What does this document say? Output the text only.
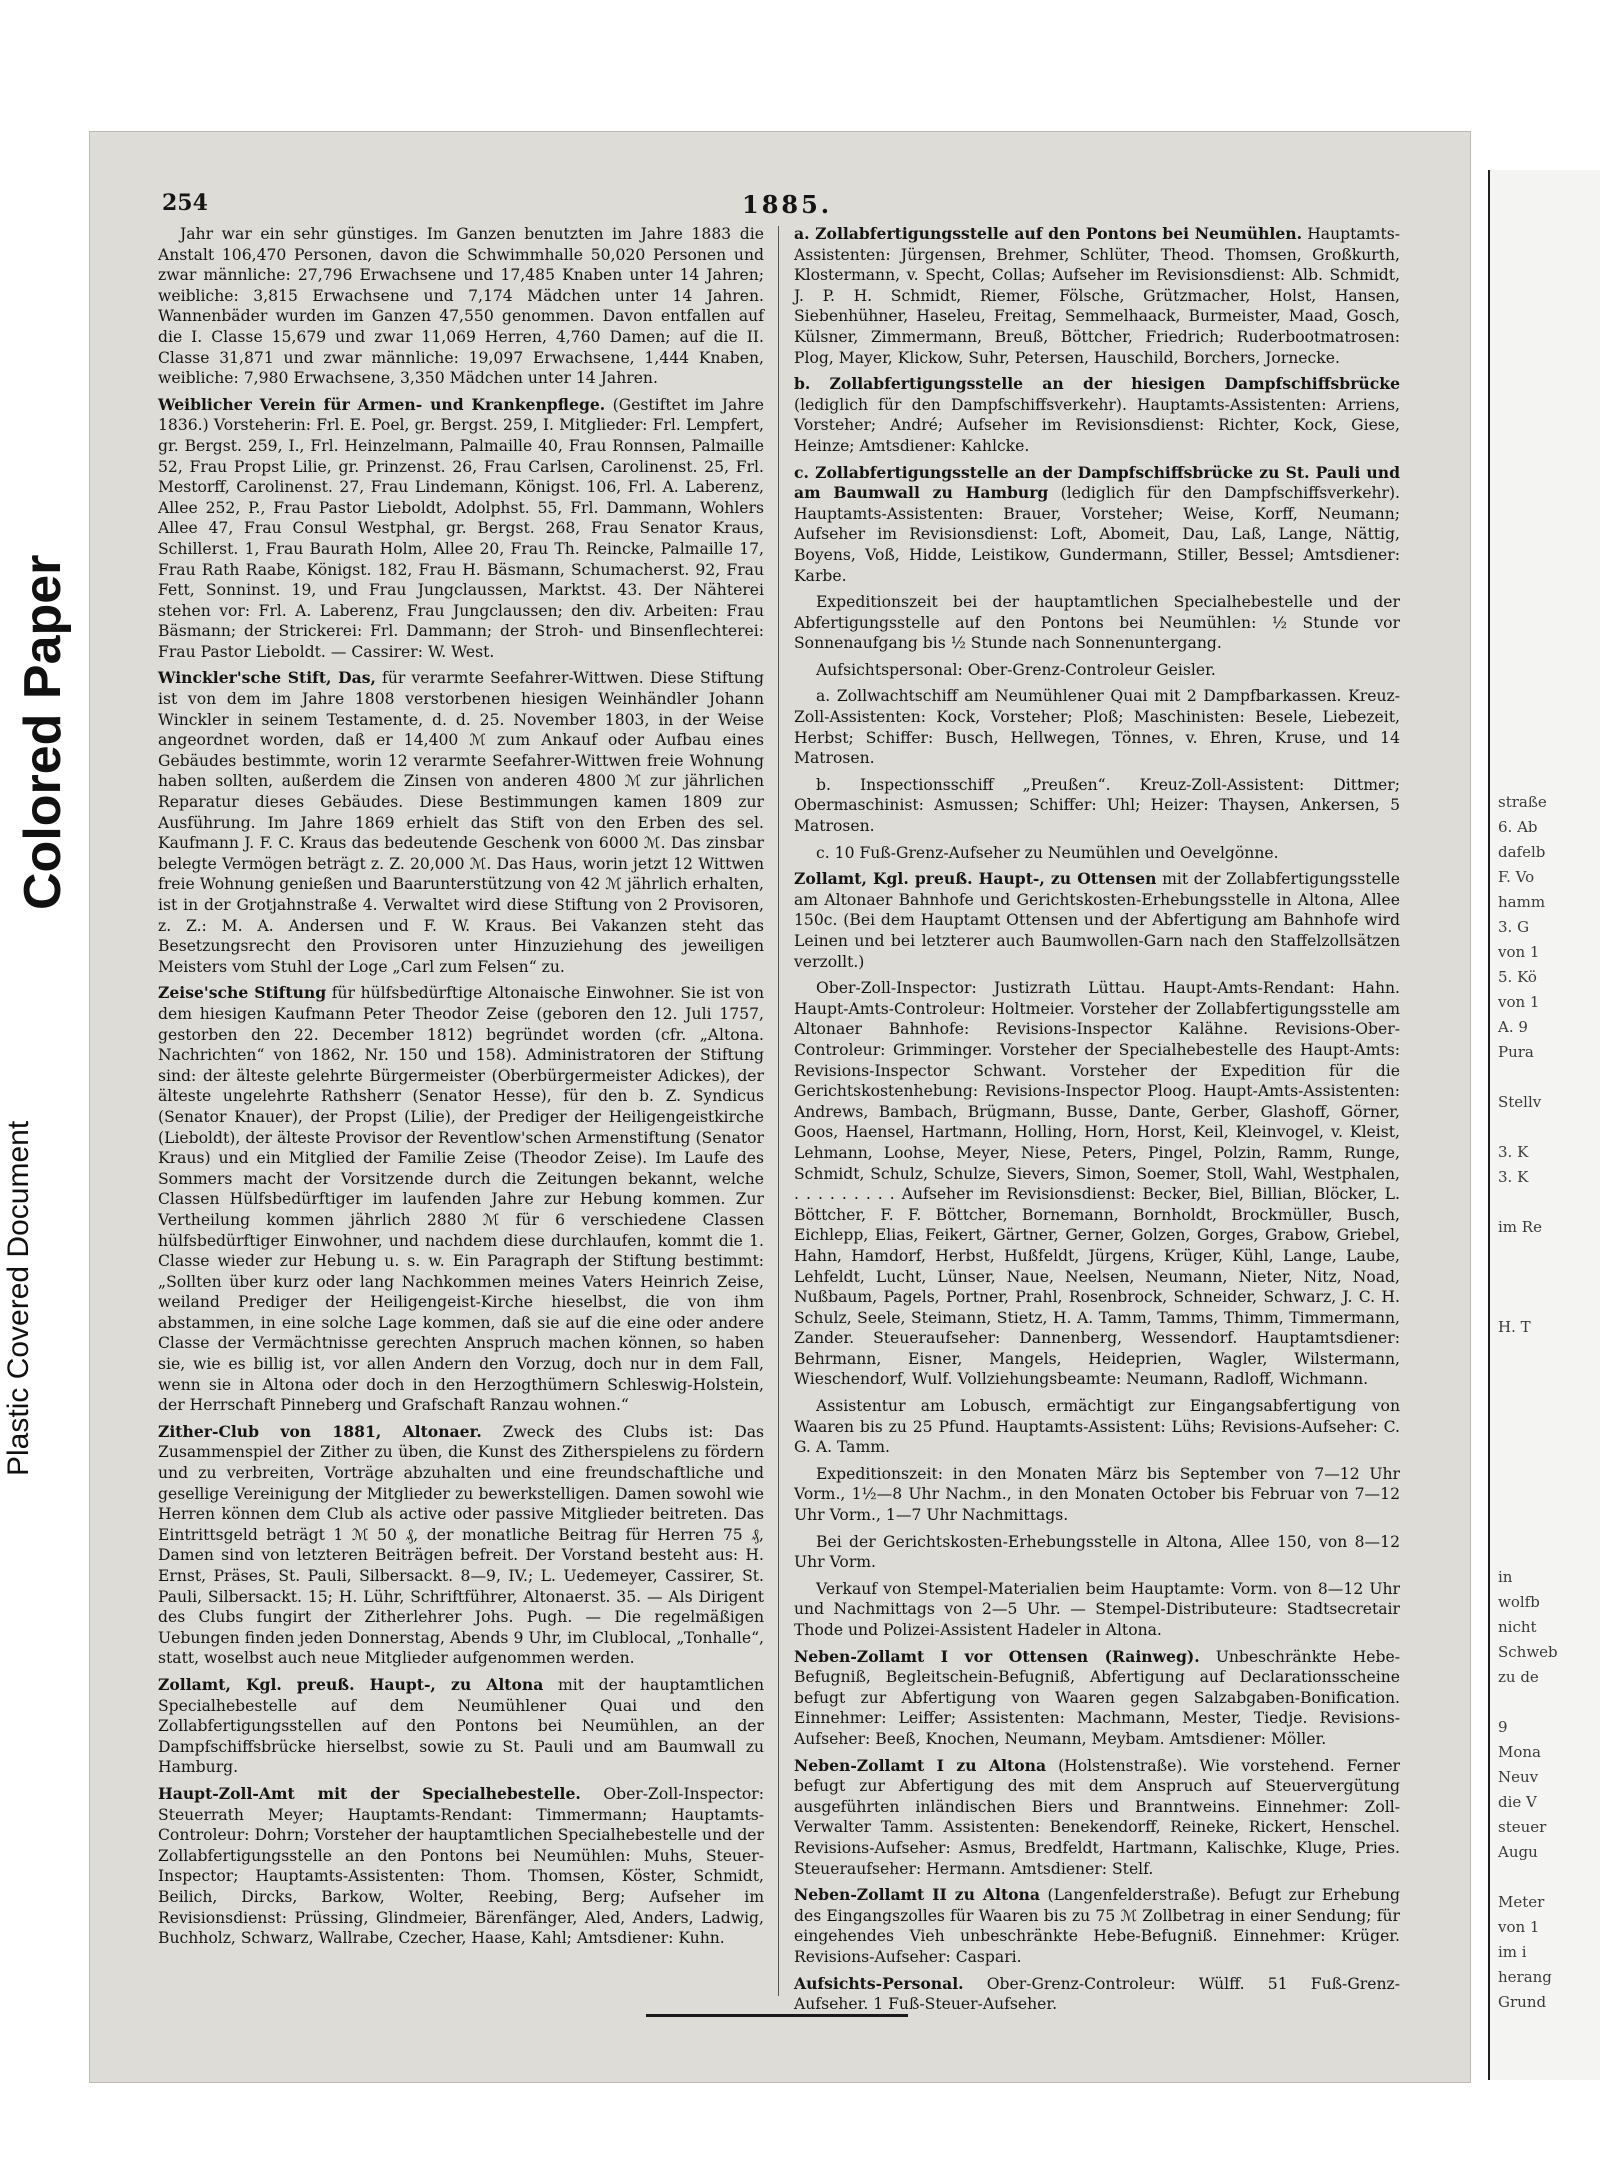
Plastic Covered Document
Colored Paper
254	1885.

Jahr war ein sehr günstiges. Im Ganzen benutzten im Jahre 1883 die Anstalt 106,470 Personen, davon die Schwimmhalle 50,020 Personen und zwar männliche: 27,796 Erwachsene und 17,485 Knaben unter 14 Jahren; weibliche: 3,815 Erwachsene und 7,174 Mädchen unter 14 Jahren. Wannenbäder wurden im Ganzen 47,550 genommen. Davon entfallen auf die I. Classe 15,679 und zwar 11,069 Herren, 4,760 Damen; auf die II. Classe 31,871 und zwar männliche: 19,097 Erwachsene, 1,444 Knaben, weibliche: 7,980 Erwachsene, 3,350 Mädchen unter 14 Jahren.

Weiblicher Verein für Armen- und Krankenpflege. (Gestiftet im Jahre 1836.) Vorsteherin: Frl. E. Poel, gr. Bergst. 259, I. Mitglieder: Frl. Lempfert, gr. Bergst. 259, I., Frl. Heinzelmann, Palmaille 40, Frau Ronnsen, Palmaille 52, Frau Propst Lilie, gr. Prinzenst. 26, Frau Carlsen, Carolinenst. 25, Frl. Mestorff, Carolinenst. 27, Frau Lindemann, Königst. 106, Frl. A. Laberenz, Allee 252, P., Frau Pastor Lieboldt, Adolphst. 55, Frl. Dammann, Wohlers Allee 47, Frau Consul Westphal, gr. Bergst. 268, Frau Senator Kraus, Schillerst. 1, Frau Baurath Holm, Allee 20, Frau Th. Reincke, Palmaille 17, Frau Rath Raabe, Königst. 182, Frau H. Bäsmann, Schumacherst. 92, Frau Fett, Sonninst. 19, und Frau Jungclaussen, Marktst. 43. Der Nähterei stehen vor: Frl. A. Laberenz, Frau Jungclaussen; den div. Arbeiten: Frau Bäsmann; der Strickerei: Frl. Dammann; der Stroh- und Binsenflechterei: Frau Pastor Lieboldt. — Cassirer: W. West.

Winckler'sche Stift, Das, für verarmte Seefahrer-Wittwen. Diese Stiftung ist von dem im Jahre 1808 verstorbenen hiesigen Weinhändler Johann Winckler in seinem Testamente, d. d. 25. November 1803, in der Weise angeordnet worden, daß er 14,400 ℳ zum Ankauf oder Aufbau eines Gebäudes bestimmte, worin 12 verarmte Seefahrer-Wittwen freie Wohnung haben sollten, außerdem die Zinsen von anderen 4800 ℳ zur jährlichen Reparatur dieses Gebäudes. Diese Bestimmungen kamen 1809 zur Ausführung. Im Jahre 1869 erhielt das Stift von den Erben des sel. Kaufmann J. F. C. Kraus das bedeutende Geschenk von 6000 ℳ. Das zinsbar belegte Vermögen beträgt z. Z. 20,000 ℳ. Das Haus, worin jetzt 12 Wittwen freie Wohnung genießen und Baarunterstützung von 42 ℳ jährlich erhalten, ist in der Grotjahnstraße 4. Verwaltet wird diese Stiftung von 2 Provisoren, z. Z.: M. A. Andersen und F. W. Kraus. Bei Vakanzen steht das Besetzungsrecht den Provisoren unter Hinzuziehung des jeweiligen Meisters vom Stuhl der Loge „Carl zum Felsen“ zu.

Zeise'sche Stiftung für hülfsbedürftige Altonaische Einwohner. Sie ist von dem hiesigen Kaufmann Peter Theodor Zeise (geboren den 12. Juli 1757, gestorben den 22. December 1812) begründet worden (cfr. „Altona. Nachrichten“ von 1862, Nr. 150 und 158). Administratoren der Stiftung sind: der älteste gelehrte Bürgermeister (Oberbürgermeister Adickes), der älteste ungelehrte Rathsherr (Senator Hesse), für den b. Z. Syndicus (Senator Knauer), der Propst (Lilie), der Prediger der Heiligengeistkirche (Lieboldt), der älteste Provisor der Reventlow'schen Armenstiftung (Senator Kraus) und ein Mitglied der Familie Zeise (Theodor Zeise). Im Laufe des Sommers macht der Vorsitzende durch die Zeitungen bekannt, welche Classen Hülfsbedürftiger im laufenden Jahre zur Hebung kommen. Zur Vertheilung kommen jährlich 2880 ℳ für 6 verschiedene Classen hülfsbedürftiger Einwohner, und nachdem diese durchlaufen, kommt die 1. Classe wieder zur Hebung u. s. w. Ein Paragraph der Stiftung bestimmt: „Sollten über kurz oder lang Nachkommen meines Vaters Heinrich Zeise, weiland Prediger der Heiligengeist-Kirche hieselbst, die von ihm abstammen, in eine solche Lage kommen, daß sie auf die eine oder andere Classe der Vermächtnisse gerechten Anspruch machen können, so haben sie, wie es billig ist, vor allen Andern den Vorzug, doch nur in dem Fall, wenn sie in Altona oder doch in den Herzogthümern Schleswig-Holstein, der Herrschaft Pinneberg und Grafschaft Ranzau wohnen.“

Zither-Club von 1881, Altonaer. Zweck des Clubs ist: Das Zusammenspiel der Zither zu üben, die Kunst des Zitherspielens zu fördern und zu verbreiten, Vorträge abzuhalten und eine freundschaftliche und gesellige Vereinigung der Mitglieder zu bewerkstelligen. Damen sowohl wie Herren können dem Club als active oder passive Mitglieder beitreten. Das Eintrittsgeld beträgt 1 ℳ 50 ₰, der monatliche Beitrag für Herren 75 ₰, Damen sind von letzteren Beiträgen befreit. Der Vorstand besteht aus: H. Ernst, Präses, St. Pauli, Silbersackt. 8—9, IV.; L. Uedemeyer, Cassirer, St. Pauli, Silbersackt. 15; H. Lühr, Schriftführer, Altonaerst. 35. — Als Dirigent des Clubs fungirt der Zitherlehrer Johs. Pugh. — Die regelmäßigen Uebungen finden jeden Donnerstag, Abends 9 Uhr, im Clublocal, „Tonhalle“, statt, woselbst auch neue Mitglieder aufgenommen werden.

Zollamt, Kgl. preuß. Haupt-, zu Altona mit der hauptamtlichen Specialhebestelle auf dem Neumühlener Quai und den Zollabfertigungsstellen auf den Pontons bei Neumühlen, an der Dampfschiffsbrücke hierselbst, sowie zu St. Pauli und am Baumwall zu Hamburg.

Haupt-Zoll-Amt mit der Specialhebestelle. Ober-Zoll-Inspector: Steuerrath Meyer; Hauptamts-Rendant: Timmermann; Hauptamts-Controleur: Dohrn; Vorsteher der hauptamtlichen Specialhebestelle und der Zollabfertigungsstelle an den Pontons bei Neumühlen: Muhs, Steuer-Inspector; Hauptamts-Assistenten: Thom. Thomsen, Köster, Schmidt, Beilich, Dircks, Barkow, Wolter, Reebing, Berg; Aufseher im Revisionsdienst: Prüssing, Glindmeier, Bärenfänger, Aled, Anders, Ladwig, Buchholz, Schwarz, Wallrabe, Czecher, Haase, Kahl; Amtsdiener: Kuhn.

a. Zollabfertigungsstelle auf den Pontons bei Neumühlen. Hauptamts-Assistenten: Jürgensen, Brehmer, Schlüter, Theod. Thomsen, Großkurth, Klostermann, v. Specht, Collas; Aufseher im Revisionsdienst: Alb. Schmidt, J. P. H. Schmidt, Riemer, Fölsche, Grützmacher, Holst, Hansen, Siebenhühner, Haseleu, Freitag, Semmelhaack, Burmeister, Maad, Gosch, Külsner, Zimmermann, Breuß, Böttcher, Friedrich; Ruderbootmatrosen: Plog, Mayer, Klickow, Suhr, Petersen, Hauschild, Borchers, Jornecke.

b. Zollabfertigungsstelle an der hiesigen Dampfschiffsbrücke (lediglich für den Dampfschiffsverkehr). Hauptamts-Assistenten: Arriens, Vorsteher; André; Aufseher im Revisionsdienst: Richter, Kock, Giese, Heinze; Amtsdiener: Kahlcke.

c. Zollabfertigungsstelle an der Dampfschiffsbrücke zu St. Pauli und am Baumwall zu Hamburg (lediglich für den Dampfschiffsverkehr). Hauptamts-Assistenten: Brauer, Vorsteher; Weise, Korff, Neumann; Aufseher im Revisionsdienst: Loft, Abomeit, Dau, Laß, Lange, Nättig, Boyens, Voß, Hidde, Leistikow, Gundermann, Stiller, Bessel; Amtsdiener: Karbe.

Expeditionszeit bei der hauptamtlichen Specialhebestelle und der Abfertigungsstelle auf den Pontons bei Neumühlen: ½ Stunde vor Sonnenaufgang bis ½ Stunde nach Sonnenuntergang.

Aufsichtspersonal: Ober-Grenz-Controleur Geisler.

a. Zollwachtschiff am Neumühlener Quai mit 2 Dampfbarkassen. Kreuz-Zoll-Assistenten: Kock, Vorsteher; Ploß; Maschinisten: Besele, Liebezeit, Herbst; Schiffer: Busch, Hellwegen, Tönnes, v. Ehren, Kruse, und 14 Matrosen.

b. Inspectionsschiff „Preußen“. Kreuz-Zoll-Assistent: Dittmer; Obermaschinist: Asmussen; Schiffer: Uhl; Heizer: Thaysen, Ankersen, 5 Matrosen.

c. 10 Fuß-Grenz-Aufseher zu Neumühlen und Oevelgönne.

Zollamt, Kgl. preuß. Haupt-, zu Ottensen mit der Zollabfertigungsstelle am Altonaer Bahnhofe und Gerichtskosten-Erhebungsstelle in Altona, Allee 150c. (Bei dem Hauptamt Ottensen und der Abfertigung am Bahnhofe wird Leinen und bei letzterer auch Baumwollen-Garn nach den Staffelzollsätzen verzollt.)

Ober-Zoll-Inspector: Justizrath Lüttau. Haupt-Amts-Rendant: Hahn. Haupt-Amts-Controleur: Holtmeier. Vorsteher der Zollabfertigungsstelle am Altonaer Bahnhofe: Revisions-Inspector Kalähne. Revisions-Ober-Controleur: Grimminger. Vorsteher der Specialhebestelle des Haupt-Amts: Revisions-Inspector Schwant. Vorsteher der Expedition für die Gerichtskostenhebung: Revisions-Inspector Ploog. Haupt-Amts-Assistenten: Andrews, Bambach, Brügmann, Busse, Dante, Gerber, Glashoff, Görner, Goos, Haensel, Hartmann, Holling, Horn, Horst, Keil, Kleinvogel, v. Kleist, Lehmann, Loohse, Meyer, Niese, Peters, Pingel, Polzin, Ramm, Runge, Schmidt, Schulz, Schulze, Sievers, Simon, Soemer, Stoll, Wahl, Westphalen, . . . . . . . . . Aufseher im Revisionsdienst: Becker, Biel, Billian, Blöcker, L. Böttcher, F. F. Böttcher, Bornemann, Bornholdt, Brockmüller, Busch, Eichlepp, Elias, Feikert, Gärtner, Gerner, Golzen, Gorges, Grabow, Griebel, Hahn, Hamdorf, Herbst, Hußfeldt, Jürgens, Krüger, Kühl, Lange, Laube, Lehfeldt, Lucht, Lünser, Naue, Neelsen, Neumann, Nieter, Nitz, Noad, Nußbaum, Pagels, Portner, Prahl, Rosenbrock, Schneider, Schwarz, J. C. H. Schulz, Seele, Steimann, Stietz, H. A. Tamm, Tamms, Thimm, Timmermann, Zander. Steueraufseher: Dannenberg, Wessendorf. Hauptamtsdiener: Behrmann, Eisner, Mangels, Heideprien, Wagler, Wilstermann, Wieschendorf, Wulf. Vollziehungsbeamte: Neumann, Radloff, Wichmann.

Assistentur am Lobusch, ermächtigt zur Eingangsabfertigung von Waaren bis zu 25 Pfund. Hauptamts-Assistent: Lühs; Revisions-Aufseher: C. G. A. Tamm.

Expeditionszeit: in den Monaten März bis September von 7—12 Uhr Vorm., 1½—8 Uhr Nachm., in den Monaten October bis Februar von 7—12 Uhr Vorm., 1—7 Uhr Nachmittags.

Bei der Gerichtskosten-Erhebungsstelle in Altona, Allee 150, von 8—12 Uhr Vorm.

Verkauf von Stempel-Materialien beim Hauptamte: Vorm. von 8—12 Uhr und Nachmittags von 2—5 Uhr. — Stempel-Distributeure: Stadtsecretair Thode und Polizei-Assistent Hadeler in Altona.

Neben-Zollamt I vor Ottensen (Rainweg). Unbeschränkte Hebe-Befugniß, Begleitschein-Befugniß, Abfertigung auf Declarationsscheine befugt zur Abfertigung von Waaren gegen Salzabgaben-Bonification. Einnehmer: Leiffer; Assistenten: Machmann, Mester, Tiedje. Revisions-Aufseher: Beeß, Knochen, Neumann, Meybam. Amtsdiener: Möller.

Neben-Zollamt I zu Altona (Holstenstraße). Wie vorstehend. Ferner befugt zur Abfertigung des mit dem Anspruch auf Steuervergütung ausgeführten inländischen Biers und Branntweins. Einnehmer: Zoll-Verwalter Tamm. Assistenten: Benekendorff, Reineke, Rickert, Henschel. Revisions-Aufseher: Asmus, Bredfeldt, Hartmann, Kalischke, Kluge, Pries. Steueraufseher: Hermann. Amtsdiener: Stelf.

Neben-Zollamt II zu Altona (Langenfelderstraße). Befugt zur Erhebung des Eingangszolles für Waaren bis zu 75 ℳ Zollbetrag in einer Sendung; für eingehendes Vieh unbeschränkte Hebe-Befugniß. Einnehmer: Krüger. Revisions-Aufseher: Caspari.

Aufsichts-Personal. Ober-Grenz-Controleur: Wülff. 51 Fuß-Grenz-Aufseher. 1 Fuß-Steuer-Aufseher.

straße
6. Ab
dafelb
F. Vo
hamm
3. G
von 1
5. Kö
von 1
A. 9
Pura

Stellv

3. K
3. K

im Re

H. T

in
wolfb
nicht
Schweb
zu de

9
Mona
Neuv
die V
steuer
Augu

Meter
von 1
im i
herang
Grund
